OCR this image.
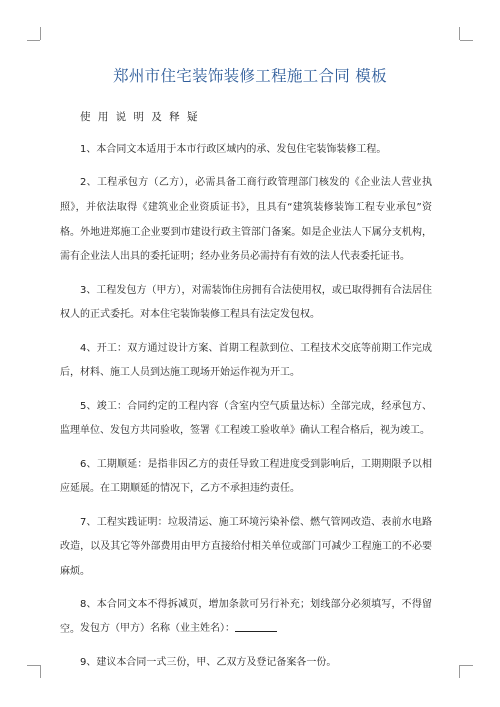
郑州市住宅装饰装修工程施工合同 模板
使 用 说 明 及 释 疑

1、本合同文本适用于本市行政区域内的承、发包住宅装饰装修工程。

2、工程承包方（乙方），必需具备工商行政管理部门核发的《企业法人营业执照》，并依法取得《建筑业企业资质证书》，且具有“建筑装修装饰工程专业承包”资格。外地进郑施工企业要到市建设行政主管部门备案。如是企业法人下属分支机构，需有企业法人出具的委托证明；经办业务员必需持有有效的法人代表委托证书。

3、工程发包方（甲方），对需装饰住房拥有合法使用权，或已取得拥有合法居住权人的正式委托。对本住宅装饰装修工程具有法定发包权。

4、开工：双方通过设计方案、首期工程款到位、工程技术交底等前期工作完成后，材料、施工人员到达施工现场开始运作视为开工。

5、竣工：合同约定的工程内容（含室内空气质量达标）全部完成，经承包方、监理单位、发包方共同验收，签署《工程竣工验收单》确认工程合格后，视为竣工。

6、工期顺延：是指非因乙方的责任导致工程进度受到影响后，工期期限予以相应延展。在工期顺延的情况下，乙方不承担违约责任。

7、工程实践证明：垃圾清运、施工环境污染补偿、燃气管网改造、表前水电路改造，以及其它等外部费用由甲方直接给付相关单位或部门可减少工程施工的不必要麻烦。

8、本合同文本不得拆减页，增加条款可另行补充；划线部分必须填写，不得留空。

9、建议本合同一式三份，甲、乙双方及登记备案各一份。

发包方（甲方）名称（业主姓名）：
